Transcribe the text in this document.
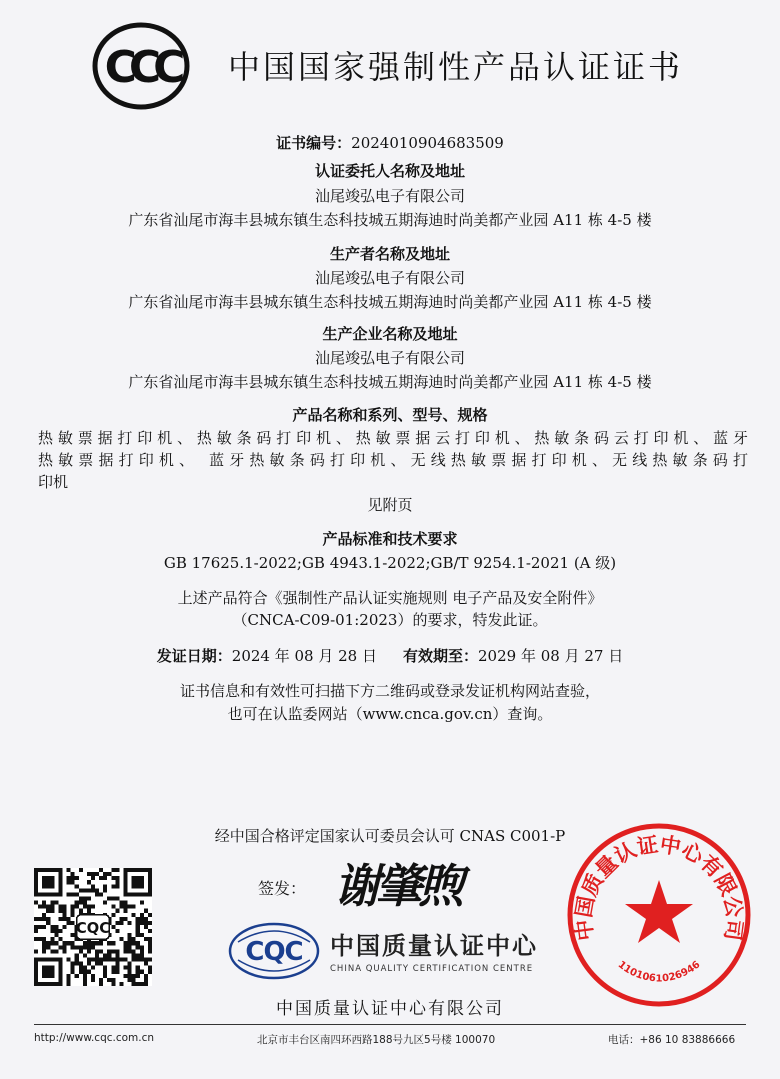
CCC 中国国家强制性产品认证证书
证书编号：2024010904683509
认证委托人名称及地址
汕尾竣弘电子有限公司
广东省汕尾市海丰县城东镇生态科技城五期海迪时尚美都产业园 A11 栋 4-5 楼
生产者名称及地址
汕尾竣弘电子有限公司
广东省汕尾市海丰县城东镇生态科技城五期海迪时尚美都产业园 A11 栋 4-5 楼
生产企业名称及地址
汕尾竣弘电子有限公司
广东省汕尾市海丰县城东镇生态科技城五期海迪时尚美都产业园 A11 栋 4-5 楼
产品名称和系列、型号、规格
热敏票据打印机、热敏条码打印机、热敏票据云打印机、热敏条码云打印机、蓝牙
热敏票据打印机、 蓝牙热敏条码打印机、无线热敏票据打印机、无线热敏条码打
印机
见附页
产品标准和技术要求
GB 17625.1-2022;GB 4943.1-2022;GB/T 9254.1-2021 (A 级)
上述产品符合《强制性产品认证实施规则 电子产品及安全附件》
（CNCA-C09-01:2023）的要求，特发此证。
发证日期：2024 年 08 月 28 日 有效期至：2029 年 08 月 27 日
证书信息和有效性可扫描下方二维码或登录发证机构网站查验，
也可在认监委网站（www.cnca.gov.cn）查询。
经中国合格评定国家认可委员会认可 CNAS C001-P
CQC
签发： 谢肇煦
CQC 中国质量认证中心
CHINA QUALITY CERTIFICATION CENTRE
中国质量认证中心有限公司
中国质量认证中心有限公司
1101061026946
http://www.cqc.com.cn	北京市丰台区南四环西路188号九区5号楼 100070	电话：+86 10 83886666
